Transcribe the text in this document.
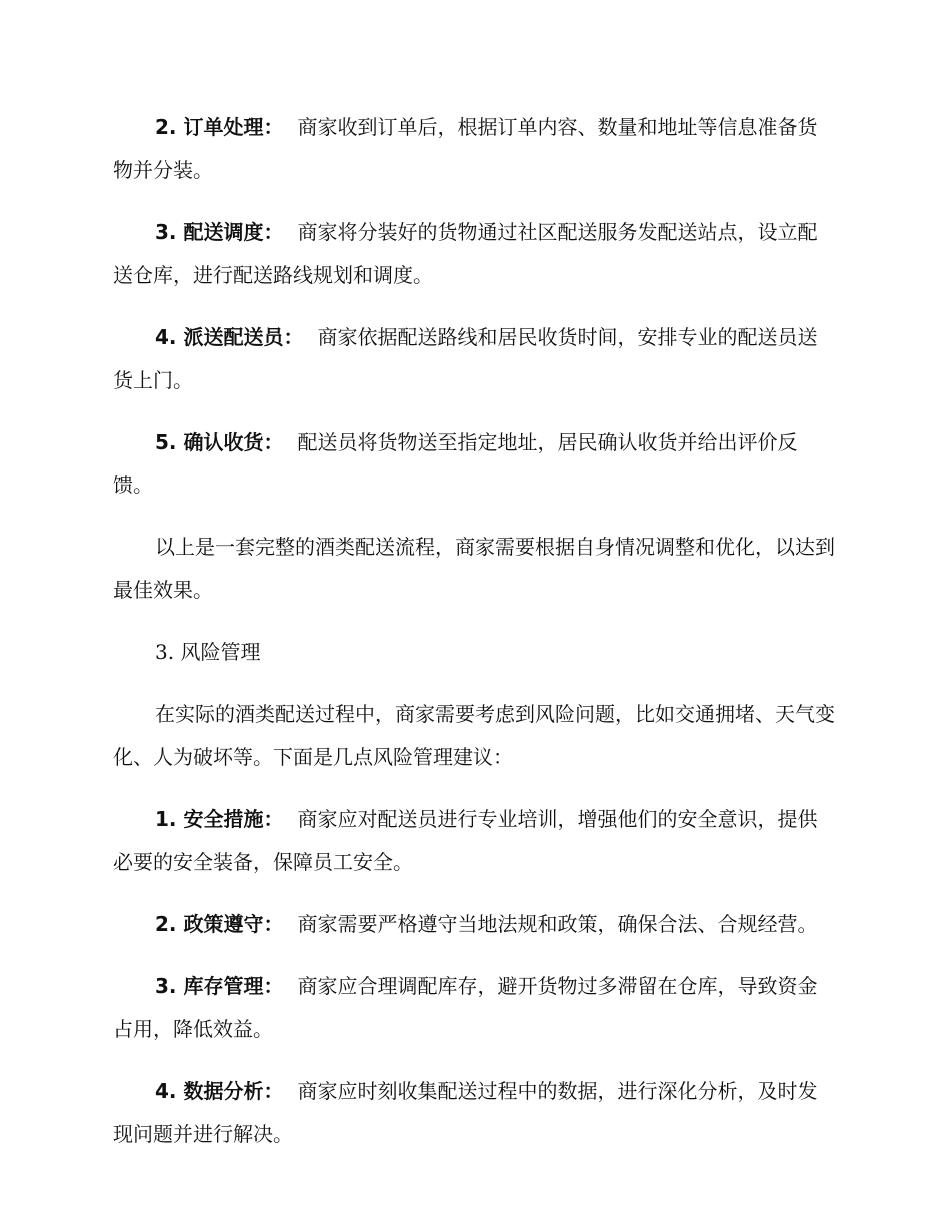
2. 订单处理： 商家收到订单后，根据订单内容、数量和地址等信息准备货物并分装。

3. 配送调度： 商家将分装好的货物通过社区配送服务发配送站点，设立配送仓库，进行配送路线规划和调度。

4. 派送配送员： 商家依据配送路线和居民收货时间，安排专业的配送员送货上门。

5. 确认收货： 配送员将货物送至指定地址，居民确认收货并给出评价反馈。

以上是一套完整的酒类配送流程，商家需要根据自身情况调整和优化，以达到最佳效果。

3. 风险管理

在实际的酒类配送过程中，商家需要考虑到风险问题，比如交通拥堵、天气变化、人为破坏等。下面是几点风险管理建议：

1. 安全措施： 商家应对配送员进行专业培训，增强他们的安全意识，提供必要的安全装备，保障员工安全。

2. 政策遵守： 商家需要严格遵守当地法规和政策，确保合法、合规经营。

3. 库存管理： 商家应合理调配库存，避开货物过多滞留在仓库，导致资金占用，降低效益。

4. 数据分析： 商家应时刻收集配送过程中的数据，进行深化分析，及时发现问题并进行解决。
